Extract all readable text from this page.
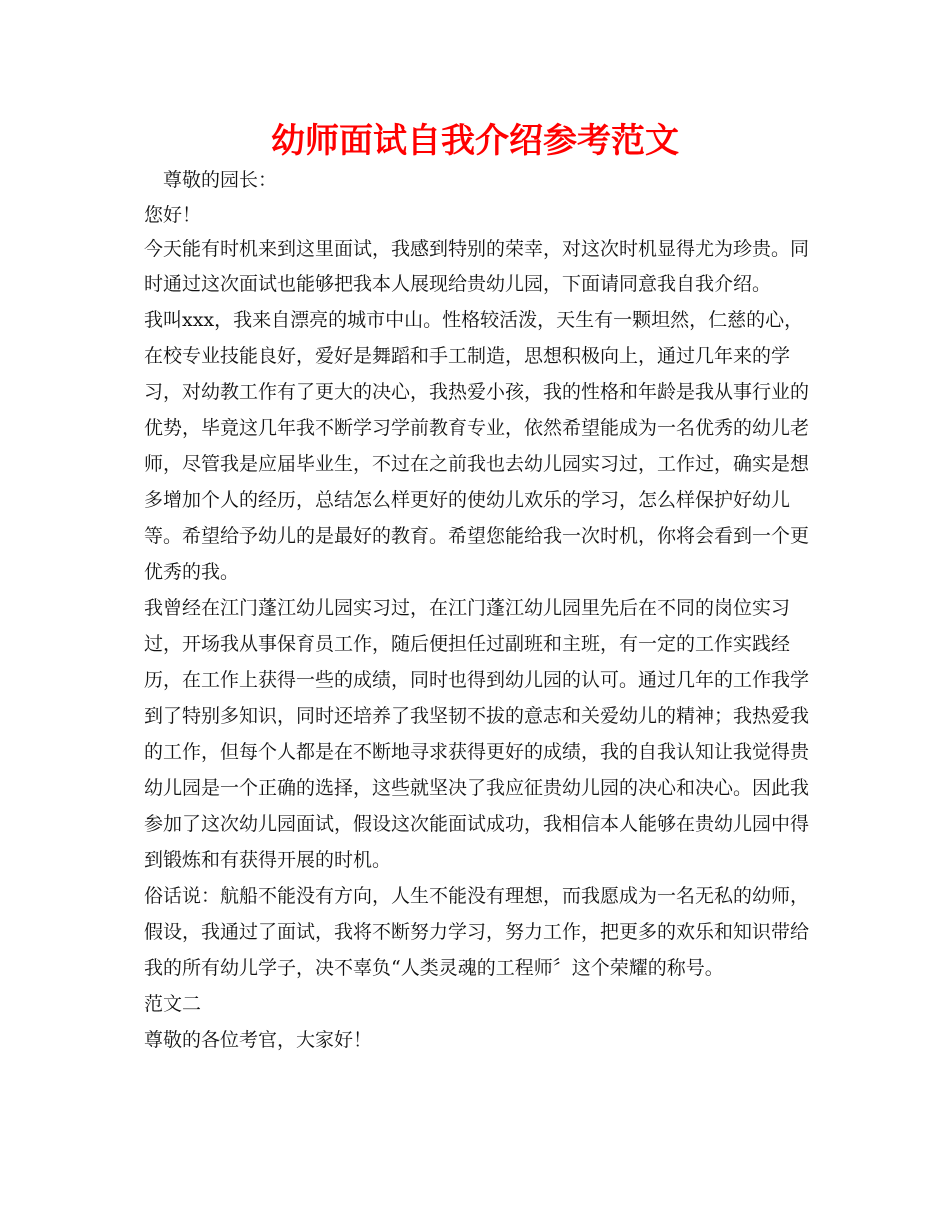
幼师面试自我介绍参考范文

尊敬的园长：

您好！

今天能有时机来到这里面试，我感到特别的荣幸，对这次时机显得尤为珍贵。同

时通过这次面试也能够把我本人展现给贵幼儿园，下面请同意我自我介绍。

我叫xxx，我来自漂亮的城市中山。性格较活泼，天生有一颗坦然，仁慈的心，

在校专业技能良好，爱好是舞蹈和手工制造，思想积极向上，通过几年来的学

习，对幼教工作有了更大的决心，我热爱小孩，我的性格和年龄是我从事行业的

优势，毕竟这几年我不断学习学前教育专业，依然希望能成为一名优秀的幼儿老

师，尽管我是应届毕业生，不过在之前我也去幼儿园实习过，工作过，确实是想

多增加个人的经历，总结怎么样更好的使幼儿欢乐的学习，怎么样保护好幼儿

等。希望给予幼儿的是最好的教育。希望您能给我一次时机，你将会看到一个更

优秀的我。

我曾经在江门蓬江幼儿园实习过，在江门蓬江幼儿园里先后在不同的岗位实习

过，开场我从事保育员工作，随后便担任过副班和主班，有一定的工作实践经

历，在工作上获得一些的成绩，同时也得到幼儿园的认可。通过几年的工作我学

到了特别多知识，同时还培养了我坚韧不拔的意志和关爱幼儿的精神；我热爱我

的工作，但每个人都是在不断地寻求获得更好的成绩，我的自我认知让我觉得贵

幼儿园是一个正确的选择，这些就坚决了我应征贵幼儿园的决心和决心。因此我

参加了这次幼儿园面试，假设这次能面试成功，我相信本人能够在贵幼儿园中得

到锻炼和有获得开展的时机。

俗话说：航船不能没有方向，人生不能没有理想，而我愿成为一名无私的幼师，

假设，我通过了面试，我将不断努力学习，努力工作，把更多的欢乐和知识带给

我的所有幼儿学子，决不辜负“人类灵魂的工程师〞这个荣耀的称号。

范文二

尊敬的各位考官，大家好！
